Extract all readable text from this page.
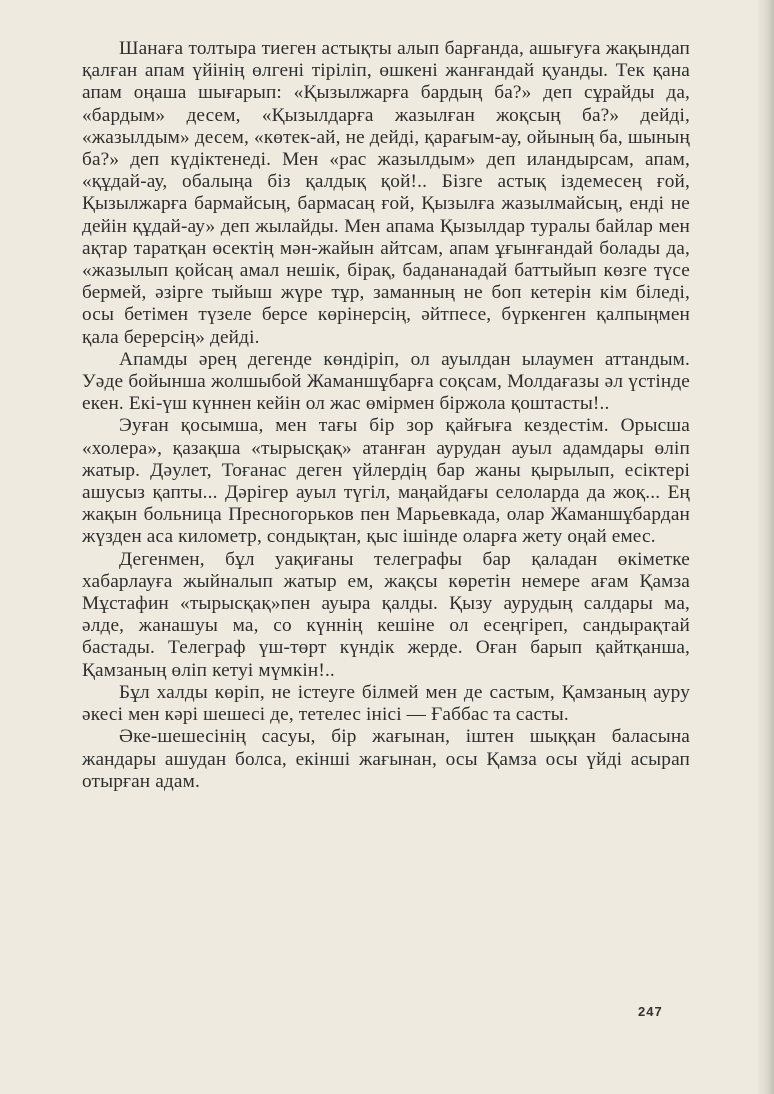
Шанаға толтыра тиеген астықты алып барғанда, ашығуға жақындап қалған апам үйінің өлгені тіріліп, өшкені жанғандай қуанды. Тек қана апам оңаша шығарып: «Қызылжарға бардың ба?» деп сұрайды да, «бардым» десем, «Қызылдарға жазылған жоқсың ба?» дейді, «жазылдым» десем, «көтек-ай, не дейді, қарағым-ау, ойының ба, шының ба?» деп күдіктенеді. Мен «рас жазылдым» деп иландырсам, апам, «құдай-ау, обалыңа біз қалдық қой!.. Бізге астық іздемесең ғой, Қызылжарға бармайсың, бармасаң ғой, Қызылға жазылмайсың, енді не дейін құдай-ау» деп жылайды. Мен апама Қызылдар туралы байлар мен ақтар таратқан өсектің мән-жайын айтсам, апам ұғынғандай болады да, «жазылып қойсаң амал нешік, бірақ, бадананадай баттыйып көзге түсе бермей, әзірге тыйыш жүре тұр, заманның не боп кетерін кім біледі, осы бетімен түзеле берсе көрінерсің, әйтпесе, бүркенген қалпыңмен қала берерсің» дейді.

Апамды әрең дегенде көндіріп, ол ауылдан ылаумен аттандым. Уәде бойынша жолшыбой Жаманшұбарға соқсам, Молдағазы әл үстінде екен. Екі-үш күннен кейін ол жас өмірмен біржола қоштасты!..

Эуған қосымша, мен тағы бір зор қайғыға кездестім. Орысша «холера», қазақша «тырысқақ» атанған аурудан ауыл адамдары өліп жатыр. Дәулет, Тоғанас деген үйлердің бар жаны қырылып, есіктері ашусыз қапты... Дәрігер ауыл түгіл, маңайдағы селоларда да жоқ... Ең жақын больница Пресногорьков пен Марьевкада, олар Жаманшұбардан жүзден аса километр, сондықтан, қыс ішінде оларға жету оңай емес.

Дегенмен, бұл уақиғаны телеграфы бар қаладан өкіметке хабарлауға жыйналып жатыр ем, жақсы көретін немере ағам Қамза Мұстафин «тырысқақ»пен ауыра қалды. Қызу аурудың салдары ма, әлде, жанашуы ма, со күннің кешіне ол есеңгіреп, сандырақтай бастады. Телеграф үш-төрт күндік жерде. Оған барып қайтқанша, Қамзаның өліп кетуі мүмкін!..

Бұл халды көріп, не істеуге білмей мен де састым, Қамзаның ауру әкесі мен кәрі шешесі де, тетелес інісі — Ғаббас та састы.

Әке-шешесінің сасуы, бір жағынан, іштен шыққан баласына жандары ашудан болса, екінші жағынан, осы Қамза осы үйді асырап отырған адам.

247
